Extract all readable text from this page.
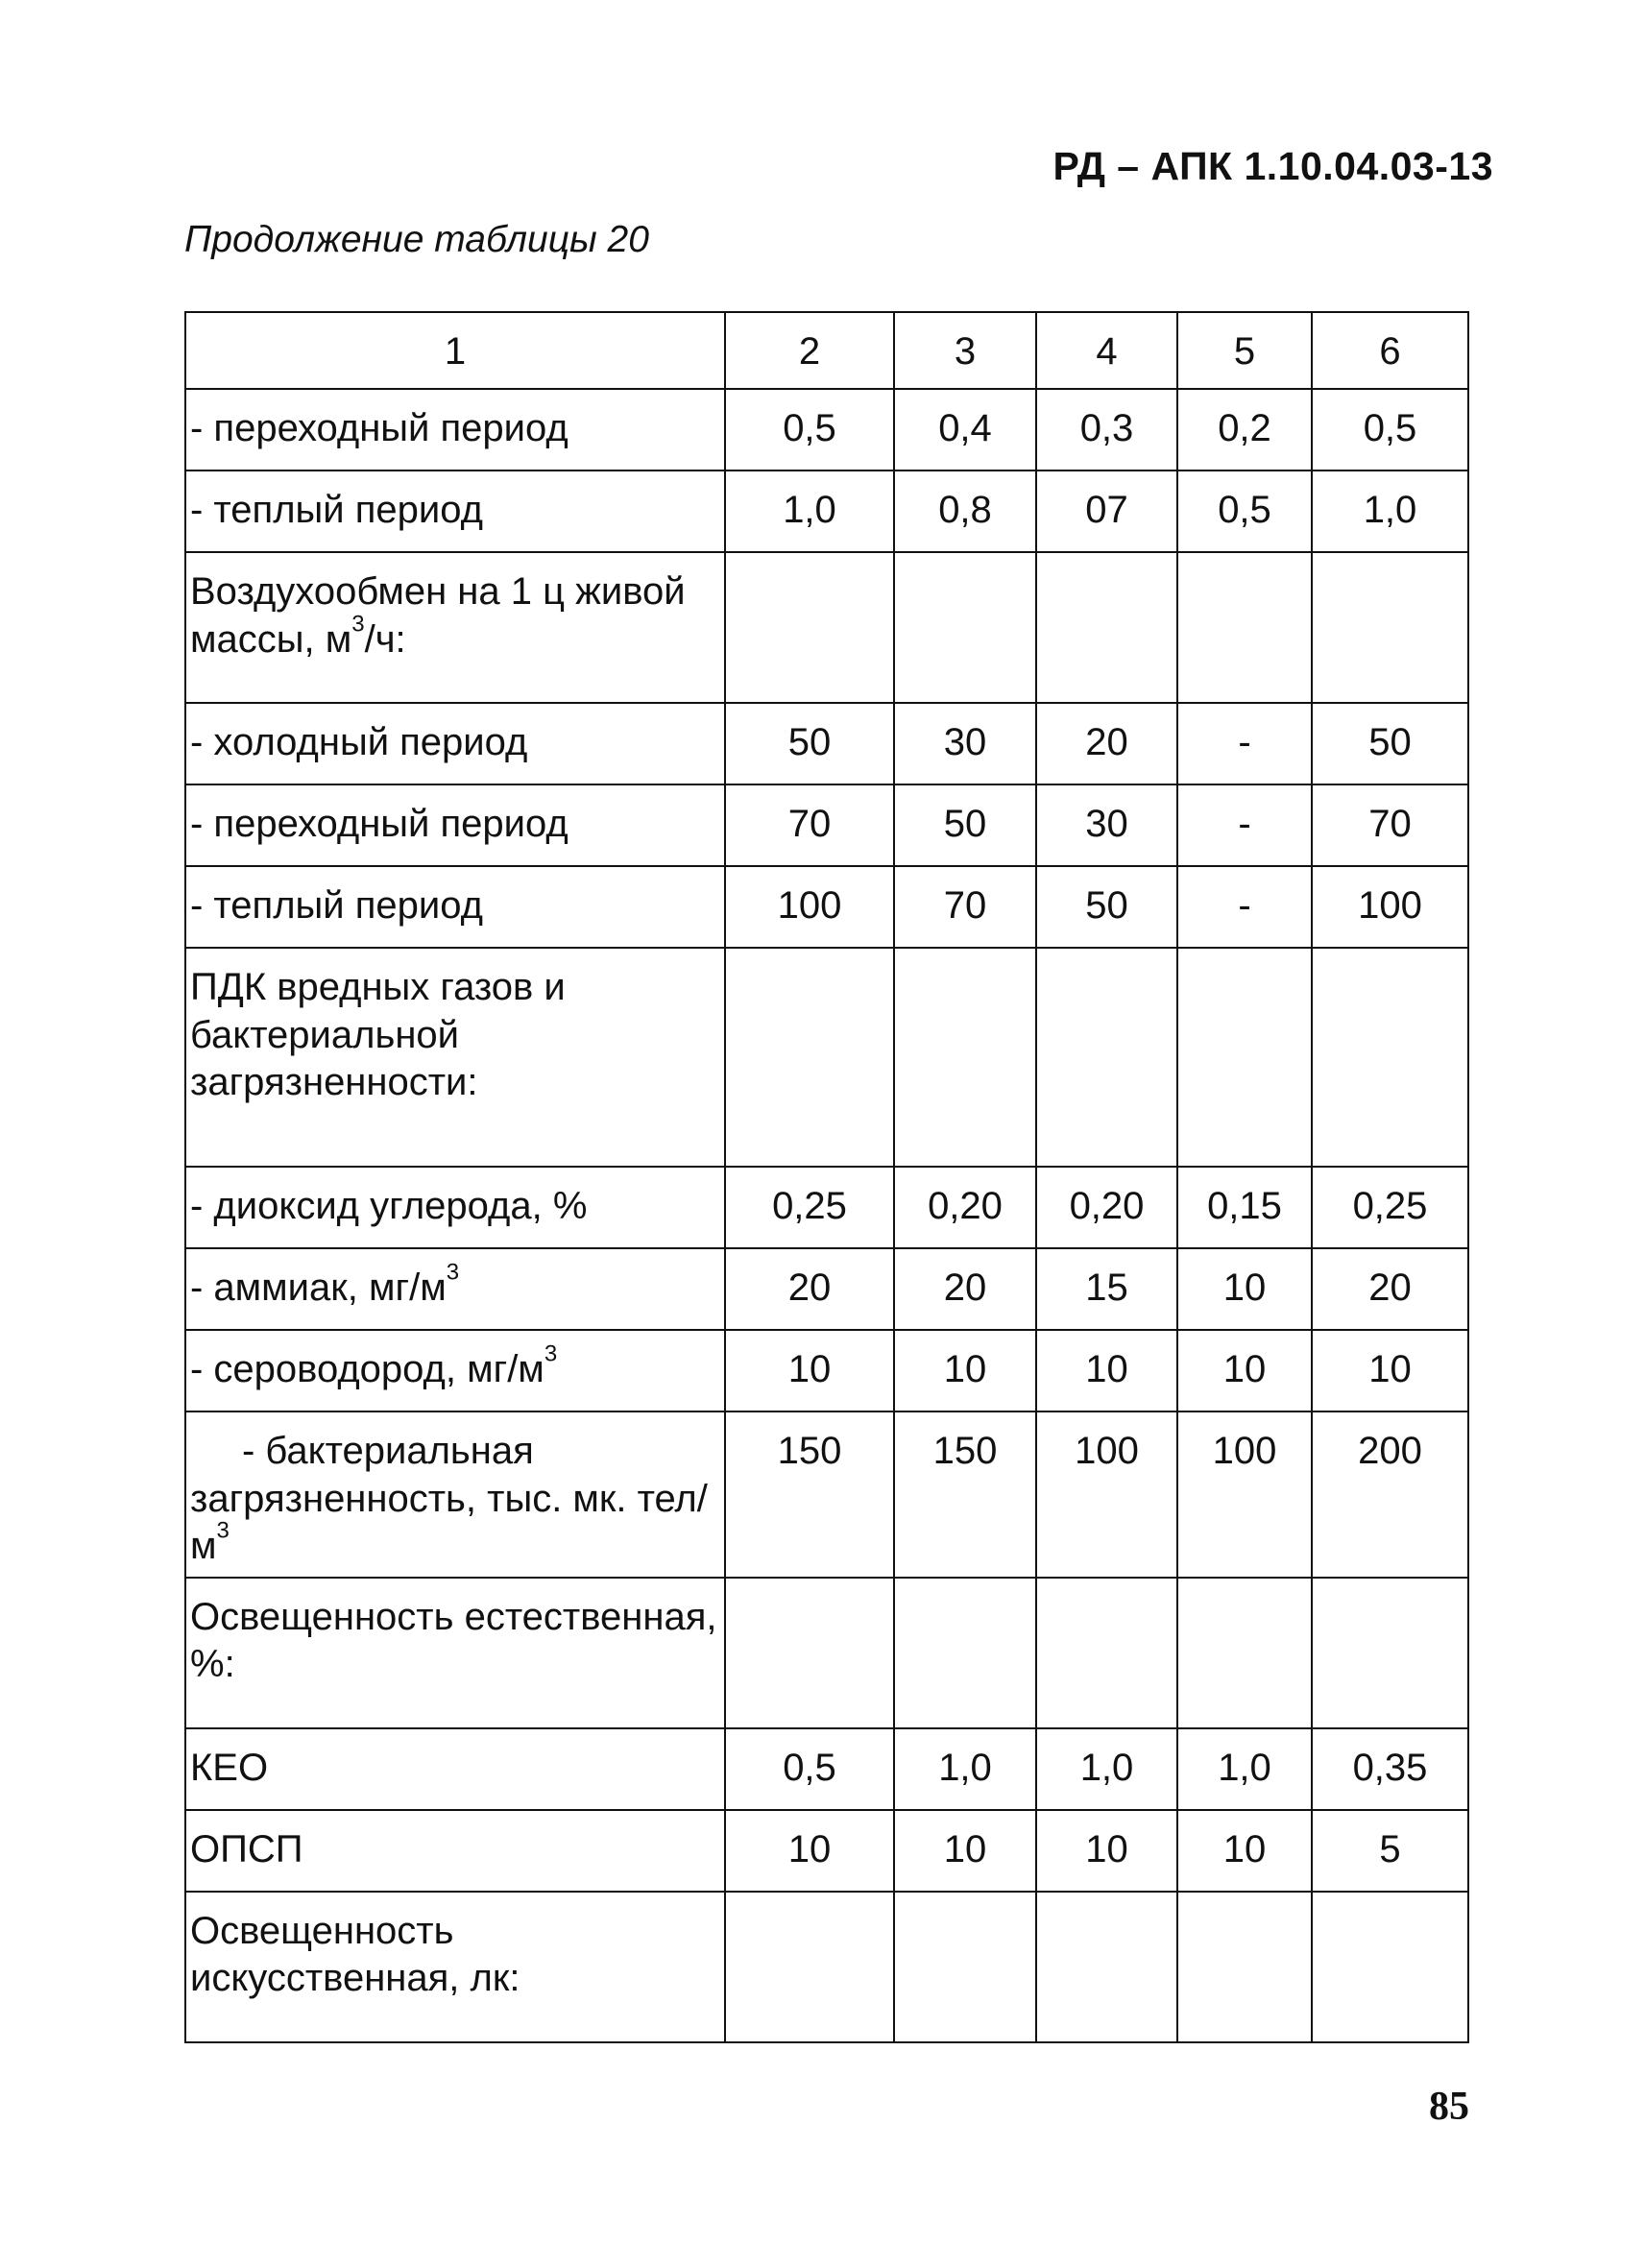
РД – АПК 1.10.04.03-13
Продолжение таблицы 20
1	2	3	4	5	6
- переходный период	0,5	0,4	0,3	0,2	0,5
- теплый период	1,0	0,8	07	0,5	1,0
Воздухообмен на 1 ц живой массы, $м^3/ч$:					
- холодный период	50	30	20	-	50
- переходный период	70	50	30	-	70
- теплый период	100	70	50	-	100
ПДК вредных газов и бактериальной загрязненности:					
- диоксид углерода, %	0,25	0,20	0,20	0,15	0,25
- аммиак, $мг/м^3$	20	20	15	10	20
- сероводород, $мг/м^3$	10	10	10	10	10
- бактериальная загрязненность, тыс. мк. тел/$м^3$	150	150	100	100	200
Освещенность естественная, %:					
КЕО	0,5	1,0	1,0	1,0	0,35
ОПСП	10	10	10	10	5
Освещенность искусственная, лк:					
85
